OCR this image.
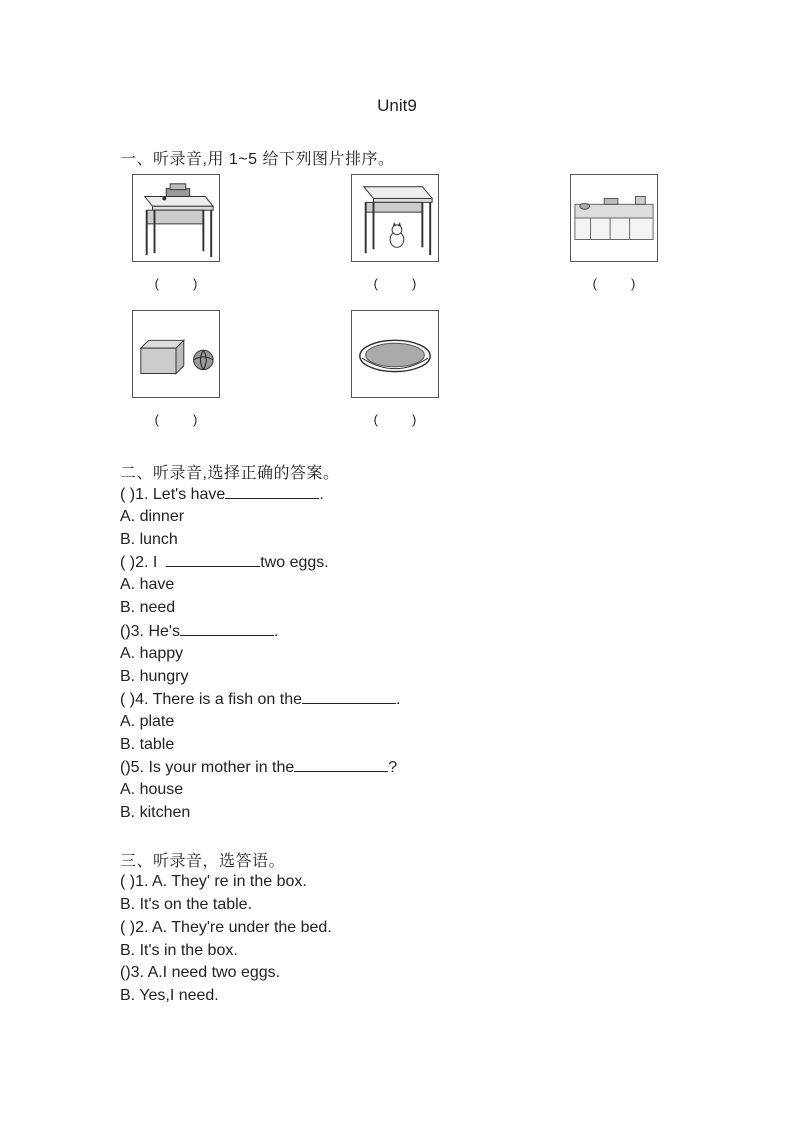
Unit9
一、听录音,用 1~5 给下列图片排序。
(	)	(	)	(	)
(	)	(	)
二、听录音,选择正确的答案。
( )1. Let's have	.
A. dinner
B. lunch
( )2. I	two eggs.
A. have
B. need
()3. He's	.
A. happy
B. hungry
( )4. There is a fish on the	.
A. plate
B. table
()5. Is your mother in the	?
A. house
B. kitchen
三、听录音，选答语。
( )1. A. They' re in the box.
B. It's on the table.
( )2. A. They're under the bed.
B. It's in the box.
()3. A.I need two eggs.
B. Yes,I need.
